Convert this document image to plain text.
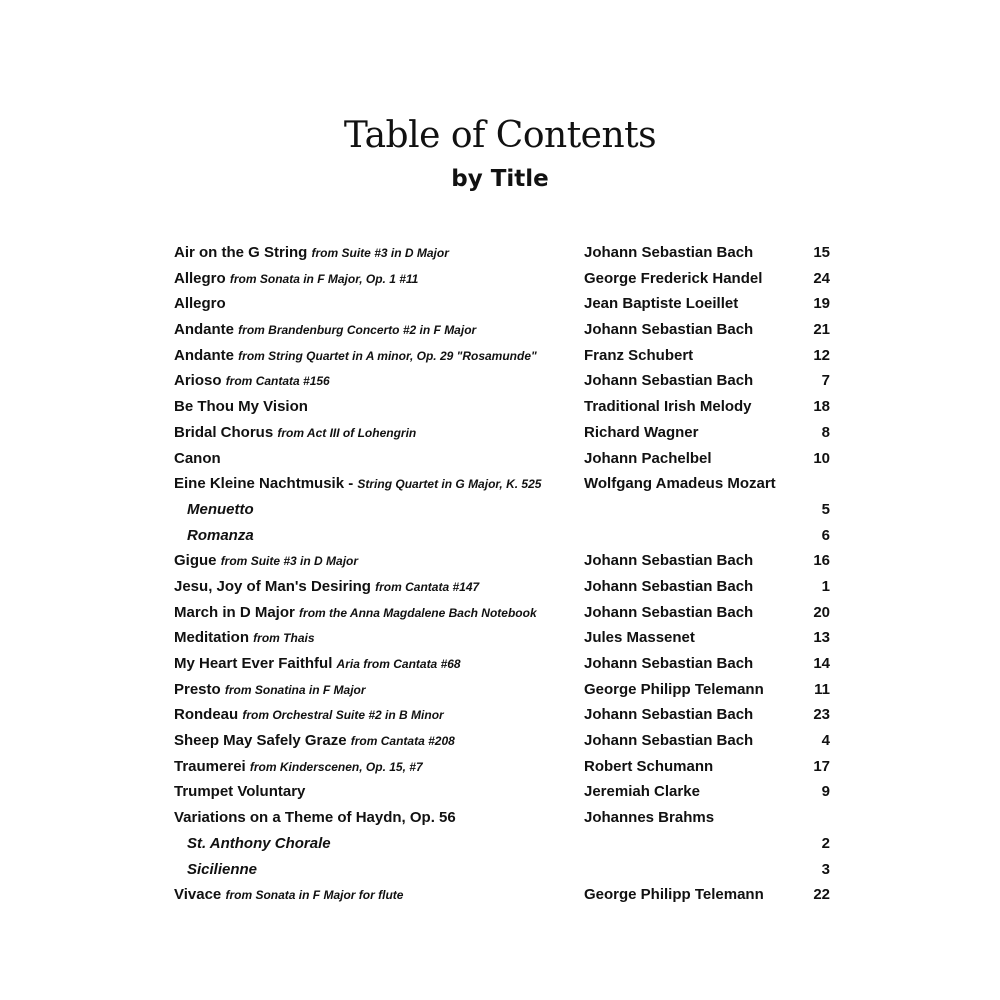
Table of Contents
by Title
Air on the G String from Suite #3 in D Major	Johann Sebastian Bach	15
Allegro from Sonata in F Major, Op. 1 #11	George Frederick Handel	24
Allegro	Jean Baptiste Loeillet	19
Andante from Brandenburg Concerto #2 in F Major	Johann Sebastian Bach	21
Andante from String Quartet in A minor, Op. 29 "Rosamunde"	Franz Schubert	12
Arioso from Cantata #156	Johann Sebastian Bach	7
Be Thou My Vision	Traditional Irish Melody	18
Bridal Chorus from Act III of Lohengrin	Richard Wagner	8
Canon	Johann Pachelbel	10
Eine Kleine Nachtmusik - String Quartet in G Major, K. 525	Wolfgang Amadeus Mozart
Menuetto	5
Romanza	6
Gigue from Suite #3 in D Major	Johann Sebastian Bach	16
Jesu, Joy of Man's Desiring from Cantata #147	Johann Sebastian Bach	1
March in D Major from the Anna Magdalene Bach Notebook	Johann Sebastian Bach	20
Meditation from Thais	Jules Massenet	13
My Heart Ever Faithful Aria from Cantata #68	Johann Sebastian Bach	14
Presto from Sonatina in F Major	George Philipp Telemann	11
Rondeau from Orchestral Suite #2 in B Minor	Johann Sebastian Bach	23
Sheep May Safely Graze from Cantata #208	Johann Sebastian Bach	4
Traumerei from Kinderscenen, Op. 15, #7	Robert Schumann	17
Trumpet Voluntary	Jeremiah Clarke	9
Variations on a Theme of Haydn, Op. 56	Johannes Brahms
St. Anthony Chorale	2
Sicilienne	3
Vivace from Sonata in F Major for flute	George Philipp Telemann	22
